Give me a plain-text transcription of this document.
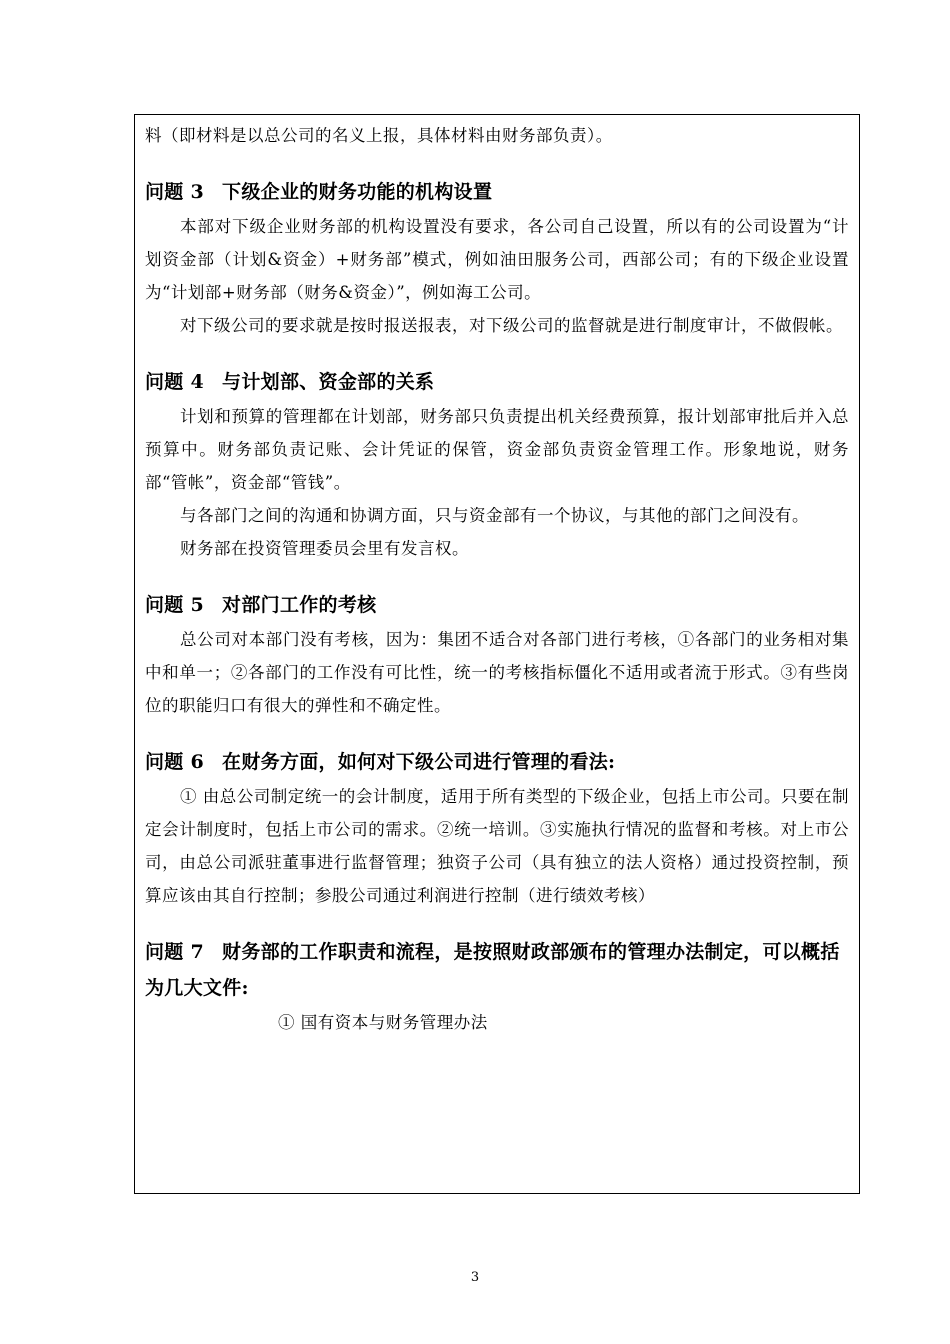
料（即材料是以总公司的名义上报，具体材料由财务部负责）。

问题 3 下级企业的财务功能的机构设置

本部对下级企业财务部的机构设置没有要求，各公司自己设置，所以有的公司设置为“计划资金部（计划&资金）+财务部”模式，例如油田服务公司，西部公司；有的下级企业设置为“计划部+财务部（财务&资金）”，例如海工公司。

对下级公司的要求就是按时报送报表，对下级公司的监督就是进行制度审计，不做假帐。

问题 4 与计划部、资金部的关系

计划和预算的管理都在计划部，财务部只负责提出机关经费预算，报计划部审批后并入总预算中。财务部负责记账、会计凭证的保管，资金部负责资金管理工作。形象地说，财务部“管帐”，资金部“管钱”。

与各部门之间的沟通和协调方面，只与资金部有一个协议，与其他的部门之间没有。

财务部在投资管理委员会里有发言权。

问题 5 对部门工作的考核

总公司对本部门没有考核，因为：集团不适合对各部门进行考核，①各部门的业务相对集中和单一；②各部门的工作没有可比性，统一的考核指标僵化不适用或者流于形式。③有些岗位的职能归口有很大的弹性和不确定性。

问题 6 在财务方面，如何对下级公司进行管理的看法:

① 由总公司制定统一的会计制度，适用于所有类型的下级企业，包括上市公司。只要在制定会计制度时，包括上市公司的需求。②统一培训。③实施执行情况的监督和考核。对上市公司，由总公司派驻董事进行监督管理；独资子公司（具有独立的法人资格）通过投资控制，预算应该由其自行控制；参股公司通过利润进行控制（进行绩效考核）

问题 7 财务部的工作职责和流程，是按照财政部颁布的管理办法制定，可以概括为几大文件:

① 国有资本与财务管理办法

3
